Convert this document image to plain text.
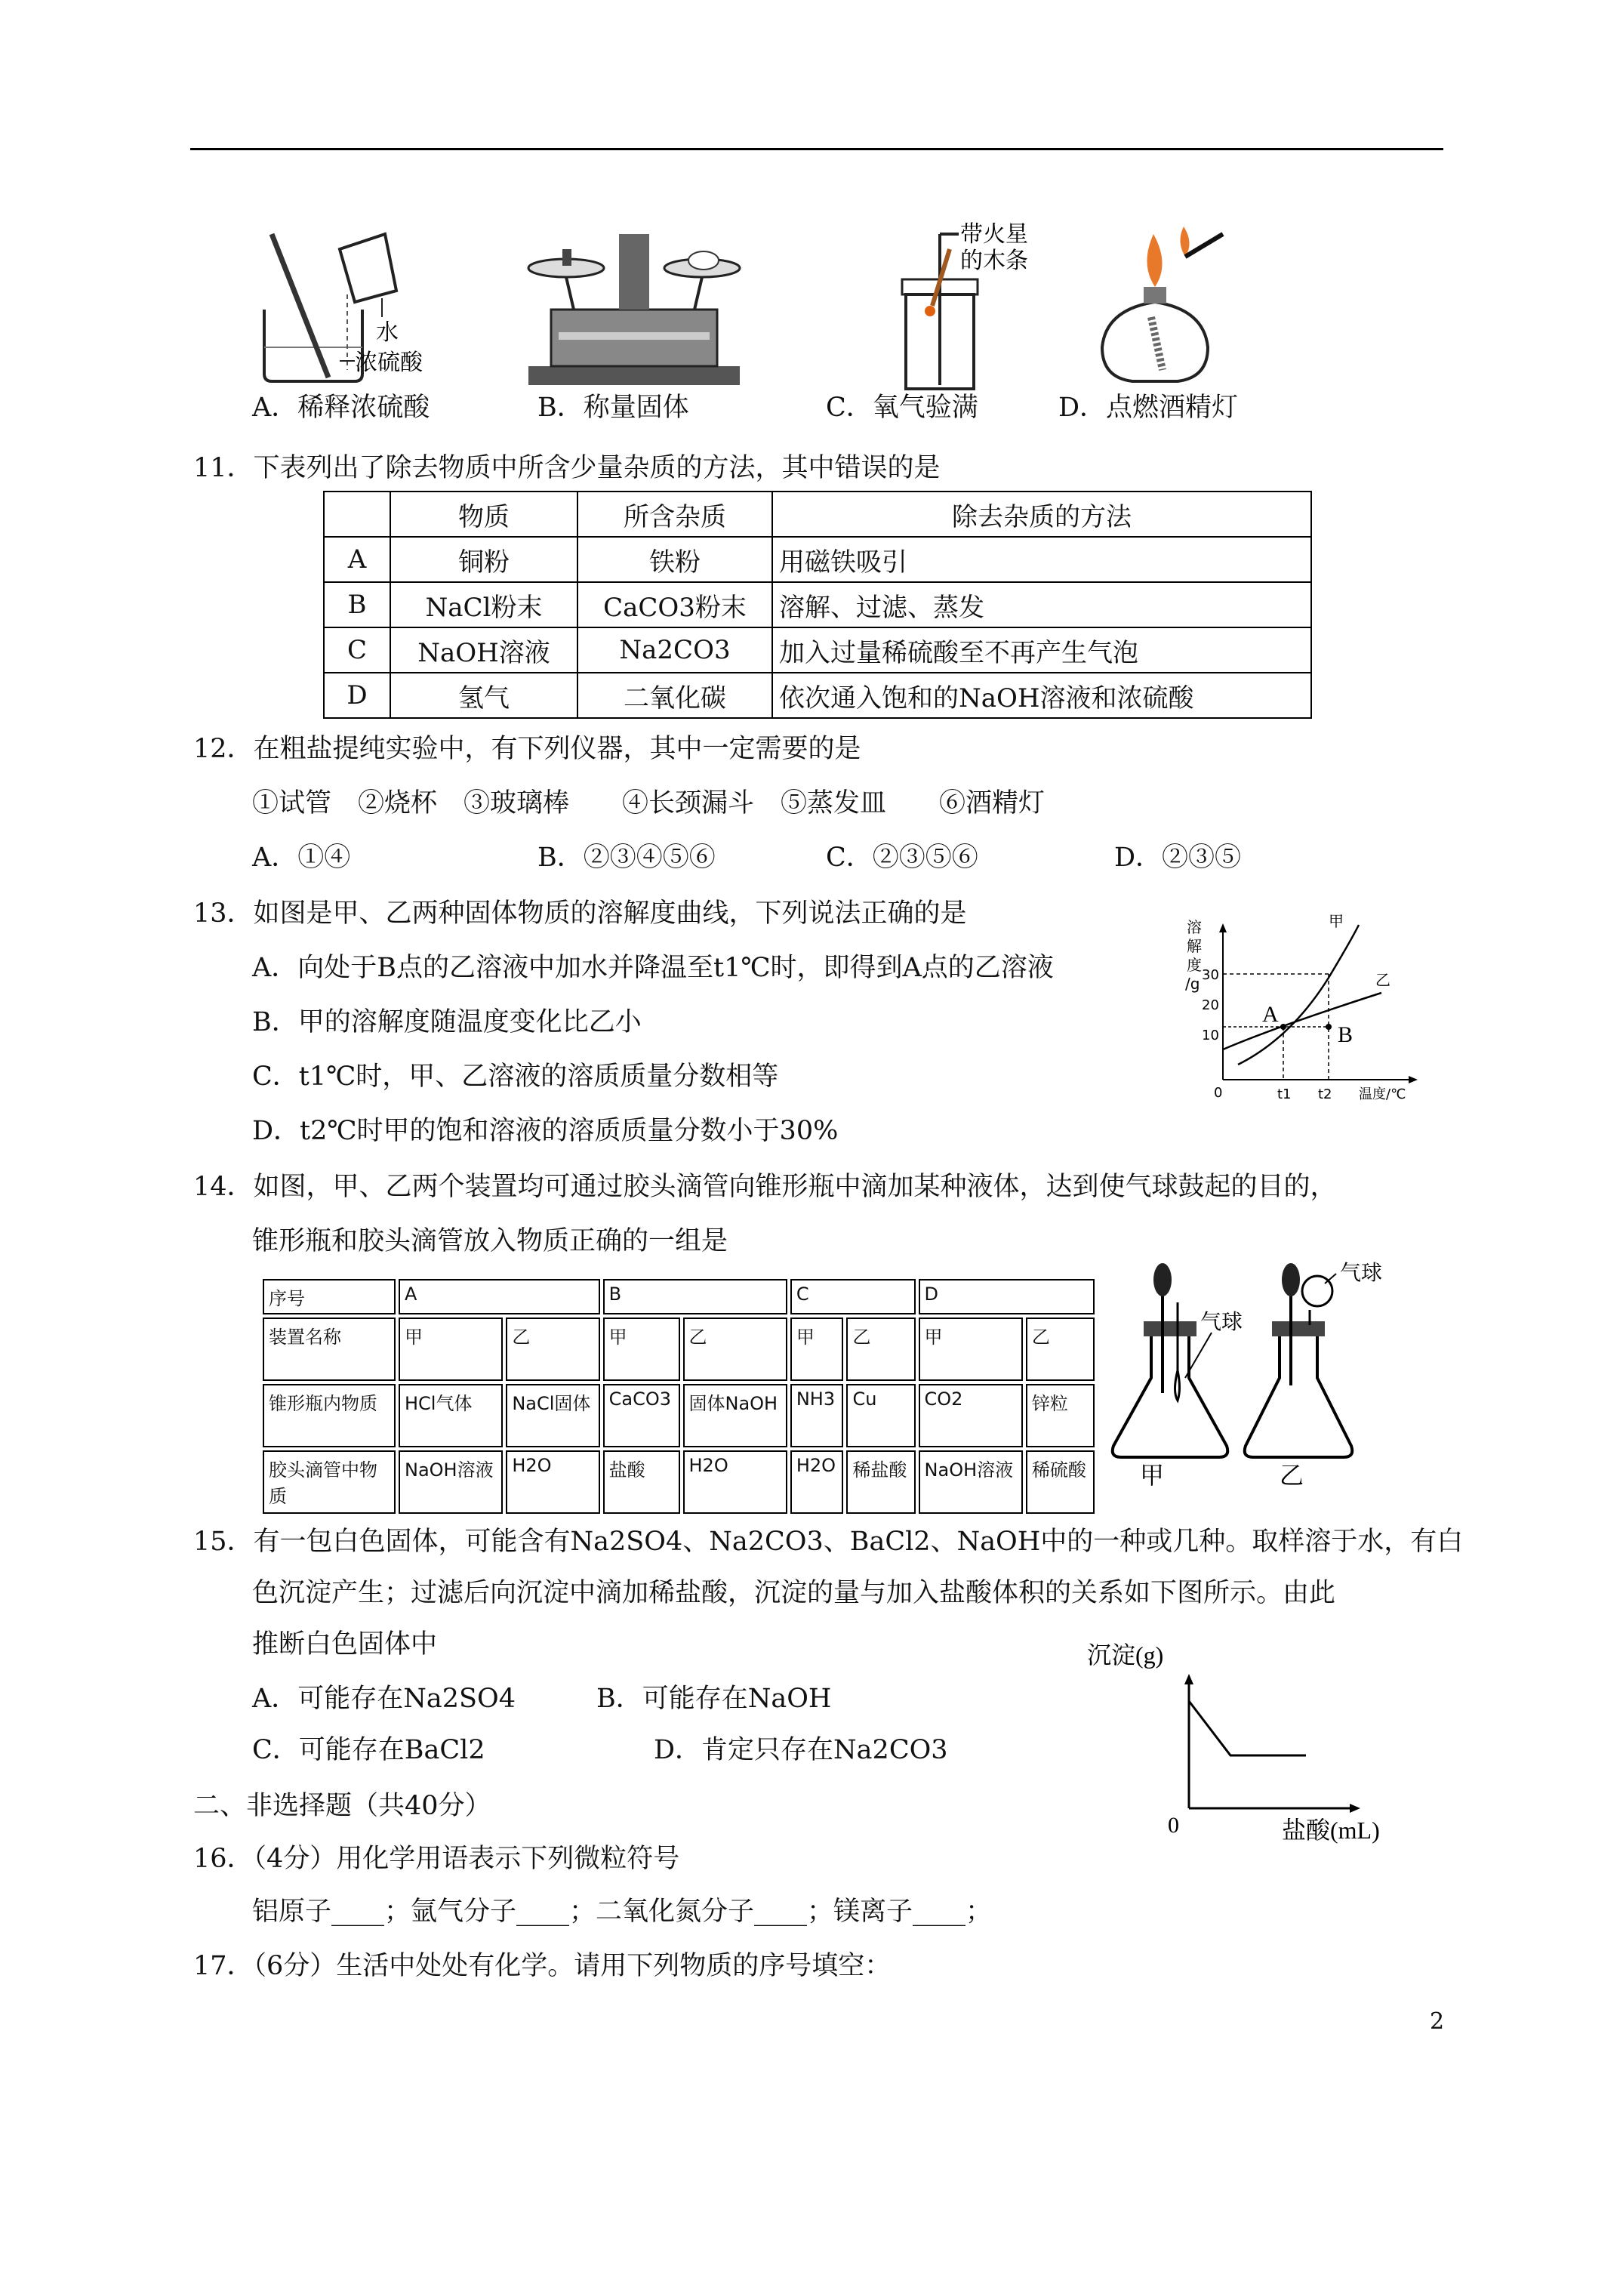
水
浓硫酸
带火星
的木条
A．稀释浓硫酸	B．称量固体	C．氧气验满	D．点燃酒精灯
11．下表列出了除去物质中所含少量杂质的方法，其中错误的是
	物质	所含杂质	除去杂质的方法
A	铜粉	铁粉	用磁铁吸引
B	NaCl粉末	CaCO3粉末	溶解、过滤、蒸发
C	NaOH溶液	Na2CO3	加入过量稀硫酸至不再产生气泡
D	氢气	二氧化碳	依次通入饱和的NaOH溶液和浓硫酸
12．在粗盐提纯实验中，有下列仪器，其中一定需要的是
①试管　②烧杯　③玻璃棒　　④长颈漏斗　⑤蒸发皿　　⑥酒精灯
A．①④	B．②③④⑤⑥	C．②③⑤⑥	D．②③⑤
13．如图是甲、乙两种固体物质的溶解度曲线，下列说法正确的是
A．向处于B点的乙溶液中加水并降温至t1℃时，即得到A点的乙溶液
B．甲的溶解度随温度变化比乙小
C．t1℃时，甲、乙溶液的溶质质量分数相等
D．t2℃时甲的饱和溶液的溶质质量分数小于30%
溶
解
度
/g 30
20
10
0	t1 t2 温度/℃
甲
乙
A
B
14．如图，甲、乙两个装置均可通过胶头滴管向锥形瓶中滴加某种液体，达到使气球鼓起的目的，
锥形瓶和胶头滴管放入物质正确的一组是
序号	A		B		C		D	
装置名称	甲	乙	甲	乙	甲	乙	甲	乙
锥形瓶内物质	HCl气体	NaCl固体	CaCO3	固体NaOH	NH3	Cu	CO2	锌粒
胶头滴管中物质	NaOH溶液	H2O	盐酸	H2O	H2O	稀盐酸	NaOH溶液	稀硫酸 甲
气球
乙
气球
15．有一包白色固体，可能含有Na2SO4、Na2CO3、BaCl2、NaOH中的一种或几种。取样溶于水，有白
色沉淀产生；过滤后向沉淀中滴加稀盐酸，沉淀的量与加入盐酸体积的关系如下图所示。由此
推断白色固体中
A．可能存在Na2SO4	B．可能存在NaOH
C．可能存在BaCl2	D．肯定只存在Na2CO3
沉淀(g)
0	盐酸(mL)
二、非选择题（共40分）
16．（4分）用化学用语表示下列微粒符号
铝原子____；氩气分子____；二氧化氮分子____；镁离子____；
17．（6分）生活中处处有化学。请用下列物质的序号填空：
2
